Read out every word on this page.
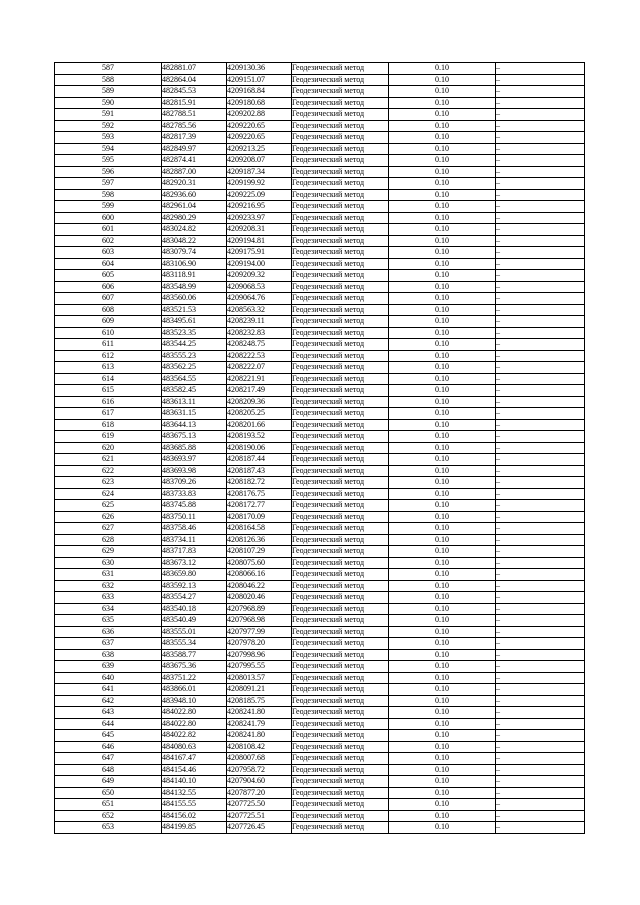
587	482881.07	4209130.36	Геодезический метод	0.10	–
588	482864.04	4209151.07	Геодезический метод	0.10	–
589	482845.53	4209168.84	Геодезический метод	0.10	–
590	482815.91	4209180.68	Геодезический метод	0.10	–
591	482788.51	4209202.88	Геодезический метод	0.10	–
592	482785.56	4209220.65	Геодезический метод	0.10	–
593	482817.39	4209220.65	Геодезический метод	0.10	–
594	482849.97	4209213.25	Геодезический метод	0.10	–
595	482874.41	4209208.07	Геодезический метод	0.10	–
596	482887.00	4209187.34	Геодезический метод	0.10	–
597	482920.31	4209199.92	Геодезический метод	0.10	–
598	482936.60	4209225.09	Геодезический метод	0.10	–
599	482961.04	4209216.95	Геодезический метод	0.10	–
600	482980.29	4209233.97	Геодезический метод	0.10	–
601	483024.82	4209208.31	Геодезический метод	0.10	–
602	483048.22	4209194.81	Геодезический метод	0.10	–
603	483079.74	4209175.91	Геодезический метод	0.10	–
604	483106.90	4209194.00	Геодезический метод	0.10	–
605	483118.91	4209209.32	Геодезический метод	0.10	–
606	483548.99	4209068.53	Геодезический метод	0.10	–
607	483560.06	4209064.76	Геодезический метод	0.10	–
608	483521.53	4208563.32	Геодезический метод	0.10	–
609	483495.61	4208239.11	Геодезический метод	0.10	–
610	483523.35	4208232.83	Геодезический метод	0.10	–
611	483544.25	4208248.75	Геодезический метод	0.10	–
612	483555.23	4208222.53	Геодезический метод	0.10	–
613	483562.25	4208222.07	Геодезический метод	0.10	–
614	483564.55	4208221.91	Геодезический метод	0.10	–
615	483582.45	4208217.49	Геодезический метод	0.10	–
616	483613.11	4208209.36	Геодезический метод	0.10	–
617	483631.15	4208205.25	Геодезический метод	0.10	–
618	483644.13	4208201.66	Геодезический метод	0.10	–
619	483675.13	4208193.52	Геодезический метод	0.10	–
620	483685.88	4208190.06	Геодезический метод	0.10	–
621	483693.97	4208187.44	Геодезический метод	0.10	–
622	483693.98	4208187.43	Геодезический метод	0.10	–
623	483709.26	4208182.72	Геодезический метод	0.10	–
624	483733.83	4208176.75	Геодезический метод	0.10	–
625	483745.88	4208172.77	Геодезический метод	0.10	–
626	483750.11	4208170.09	Геодезический метод	0.10	–
627	483758.46	4208164.58	Геодезический метод	0.10	–
628	483734.11	4208126.36	Геодезический метод	0.10	–
629	483717.83	4208107.29	Геодезический метод	0.10	–
630	483673.12	4208075.60	Геодезический метод	0.10	–
631	483659.80	4208066.16	Геодезический метод	0.10	–
632	483592.13	4208046.22	Геодезический метод	0.10	–
633	483554.27	4208020.46	Геодезический метод	0.10	–
634	483540.18	4207968.89	Геодезический метод	0.10	–
635	483540.49	4207968.98	Геодезический метод	0.10	–
636	483555.01	4207977.99	Геодезический метод	0.10	–
637	483555.34	4207978.20	Геодезический метод	0.10	–
638	483588.77	4207998.96	Геодезический метод	0.10	–
639	483675.36	4207995.55	Геодезический метод	0.10	–
640	483751.22	4208013.57	Геодезический метод	0.10	–
641	483866.01	4208091.21	Геодезический метод	0.10	–
642	483948.10	4208185.75	Геодезический метод	0.10	–
643	484022.80	4208241.80	Геодезический метод	0.10	–
644	484022.80	4208241.79	Геодезический метод	0.10	–
645	484022.82	4208241.80	Геодезический метод	0.10	–
646	484080.63	4208108.42	Геодезический метод	0.10	–
647	484167.47	4208007.68	Геодезический метод	0.10	–
648	484154.46	4207958.72	Геодезический метод	0.10	–
649	484140.10	4207904.60	Геодезический метод	0.10	–
650	484132.55	4207877.20	Геодезический метод	0.10	–
651	484155.55	4207725.50	Геодезический метод	0.10	–
652	484156.02	4207725.51	Геодезический метод	0.10	–
653	484199.85	4207726.45	Геодезический метод	0.10	–
